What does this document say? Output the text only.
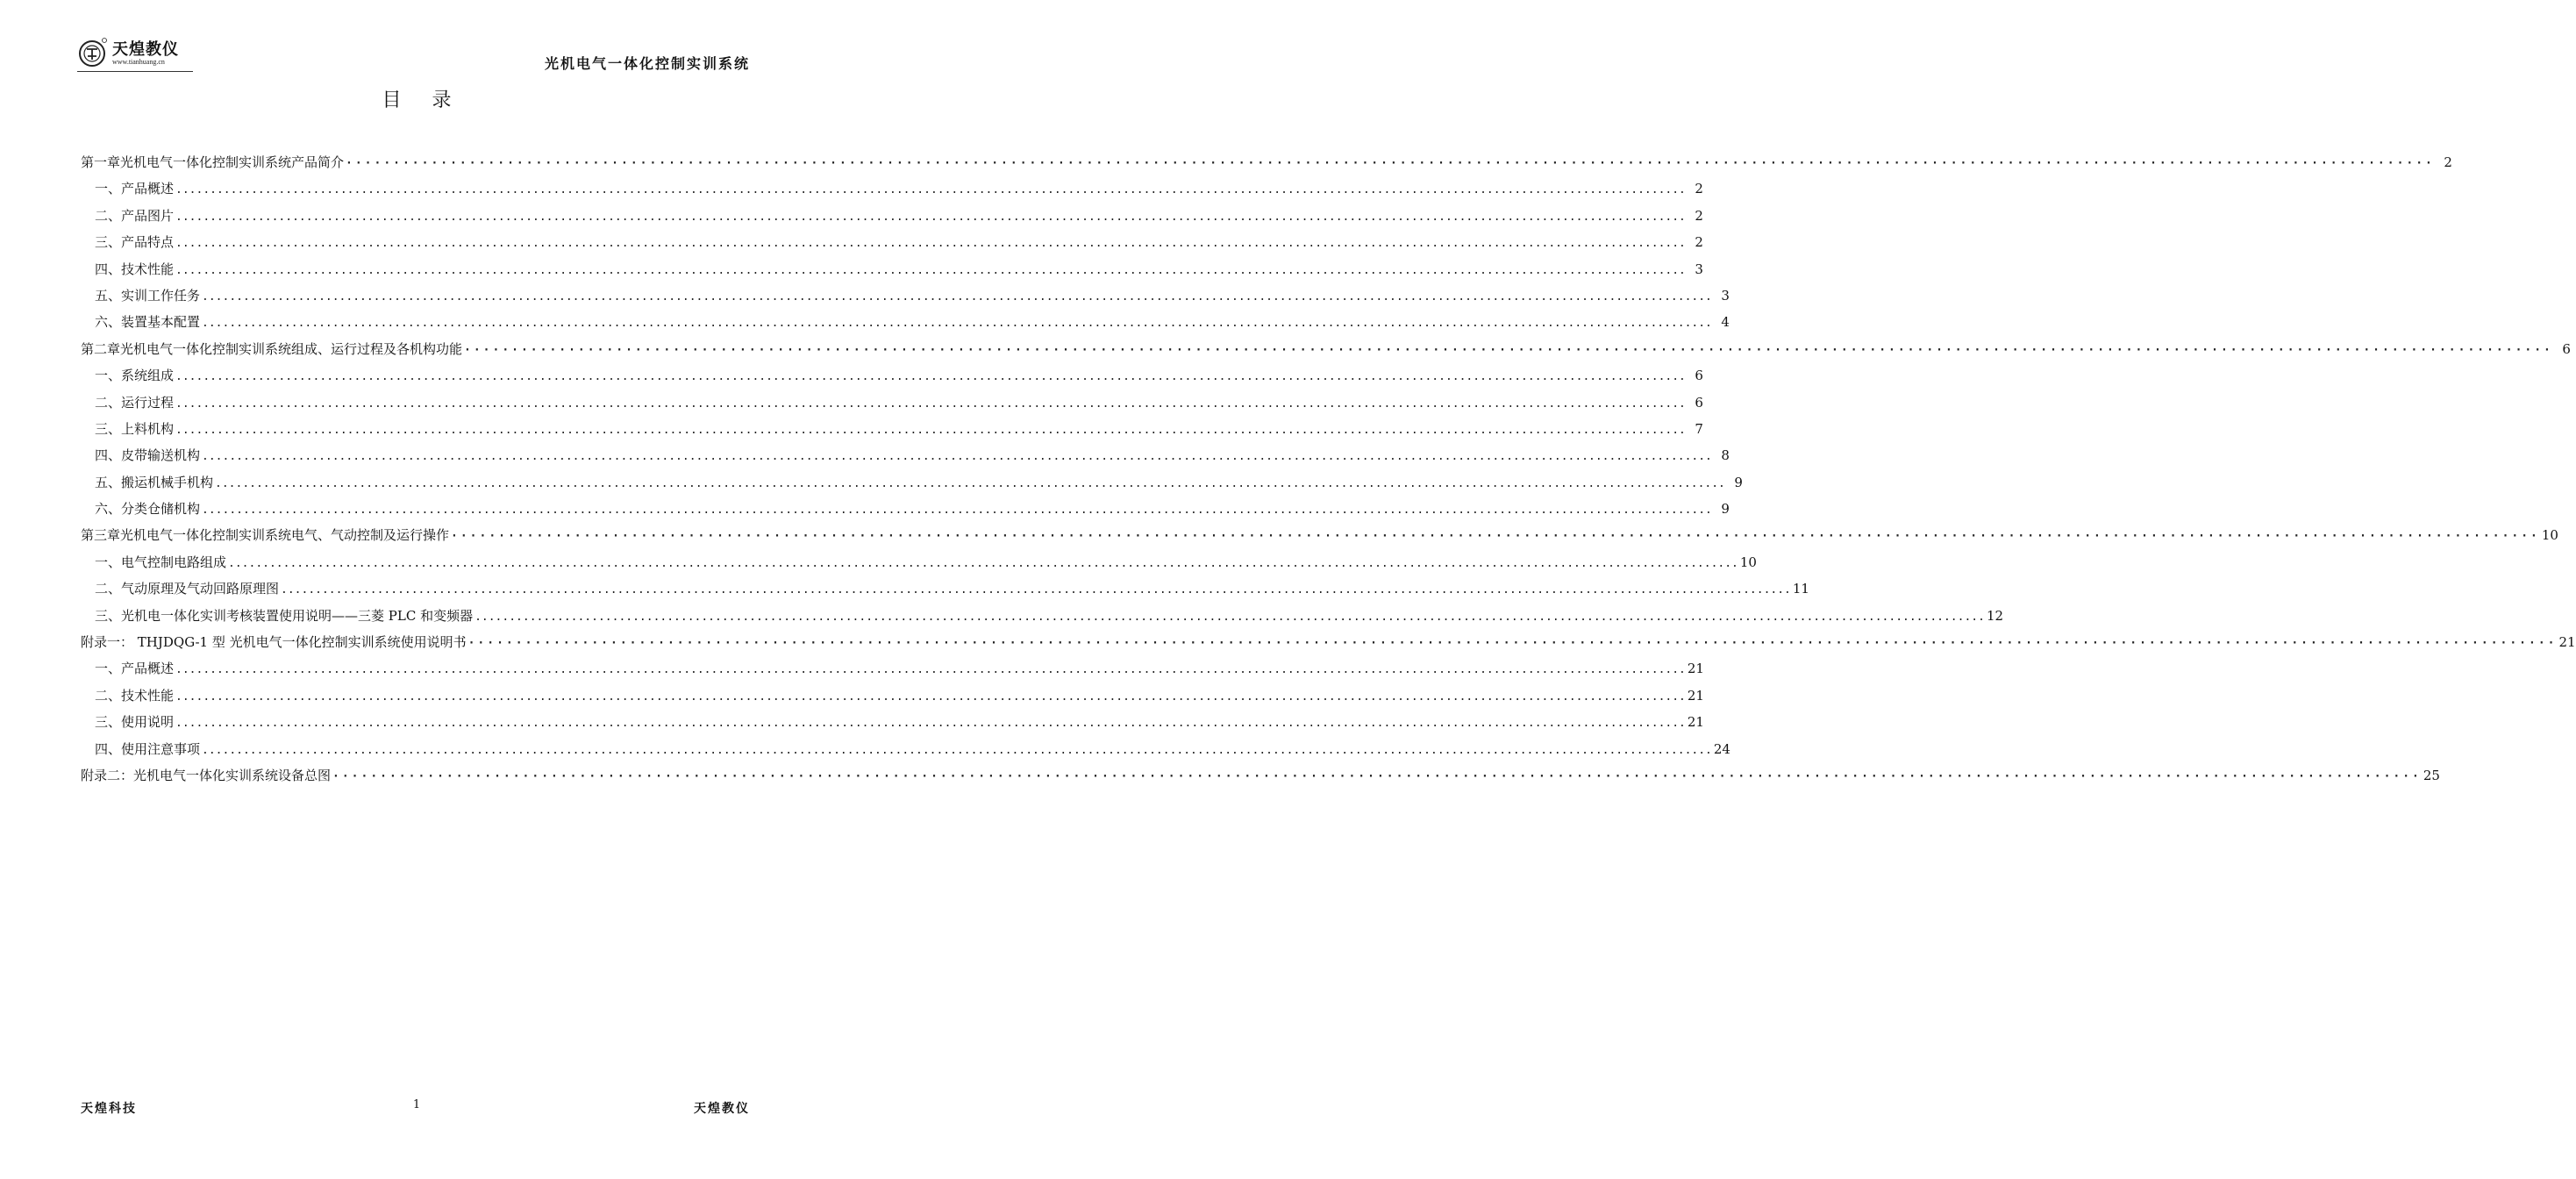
天煌教仪
www.tianhuang.cn	光机电气一体化控制实训系统
目 录
第一章光机电气一体化控制实训系统产品简介 ···························································································································································································································· 2
一、产品概述 ............................................................................................................................................................................................................................ 2
二、产品图片 ............................................................................................................................................................................................................................ 2
三、产品特点 ............................................................................................................................................................................................................................ 2
四、技术性能 ............................................................................................................................................................................................................................ 3
五、实训工作任务 ............................................................................................................................................................................................................................ 3
六、装置基本配置 ............................................................................................................................................................................................................................ 4
第二章光机电气一体化控制实训系统组成、运行过程及各机构功能 ···························································································································································································································· 6
一、系统组成 ............................................................................................................................................................................................................................ 6
二、运行过程 ............................................................................................................................................................................................................................ 6
三、上料机构 ............................................................................................................................................................................................................................ 7
四、皮带输送机构 ............................................................................................................................................................................................................................ 8
五、搬运机械手机构 ............................................................................................................................................................................................................................ 9
六、分类仓储机构 ............................................................................................................................................................................................................................ 9
第三章光机电气一体化控制实训系统电气、气动控制及运行操作 ···························································································································································································································· 10
一、电气控制电路组成 ............................................................................................................................................................................................................................ 10
二、气动原理及气动回路原理图 ............................................................................................................................................................................................................................ 11
三、光机电一体化实训考核装置使用说明——三菱 PLC 和变频器 ............................................................................................................................................................................................................................ 12
附录一： THJDQG-1 型 光机电气一体化控制实训系统使用说明书 ···························································································································································································································· 21
一、产品概述 ............................................................................................................................................................................................................................ 21
二、技术性能 ............................................................................................................................................................................................................................ 21
三、使用说明 ............................................................................................................................................................................................................................ 21
四、使用注意事项 ............................................................................................................................................................................................................................ 24
附录二：光机电气一体化实训系统设备总图 ···························································································································································································································· 25
天煌科技	1	天煌教仪
